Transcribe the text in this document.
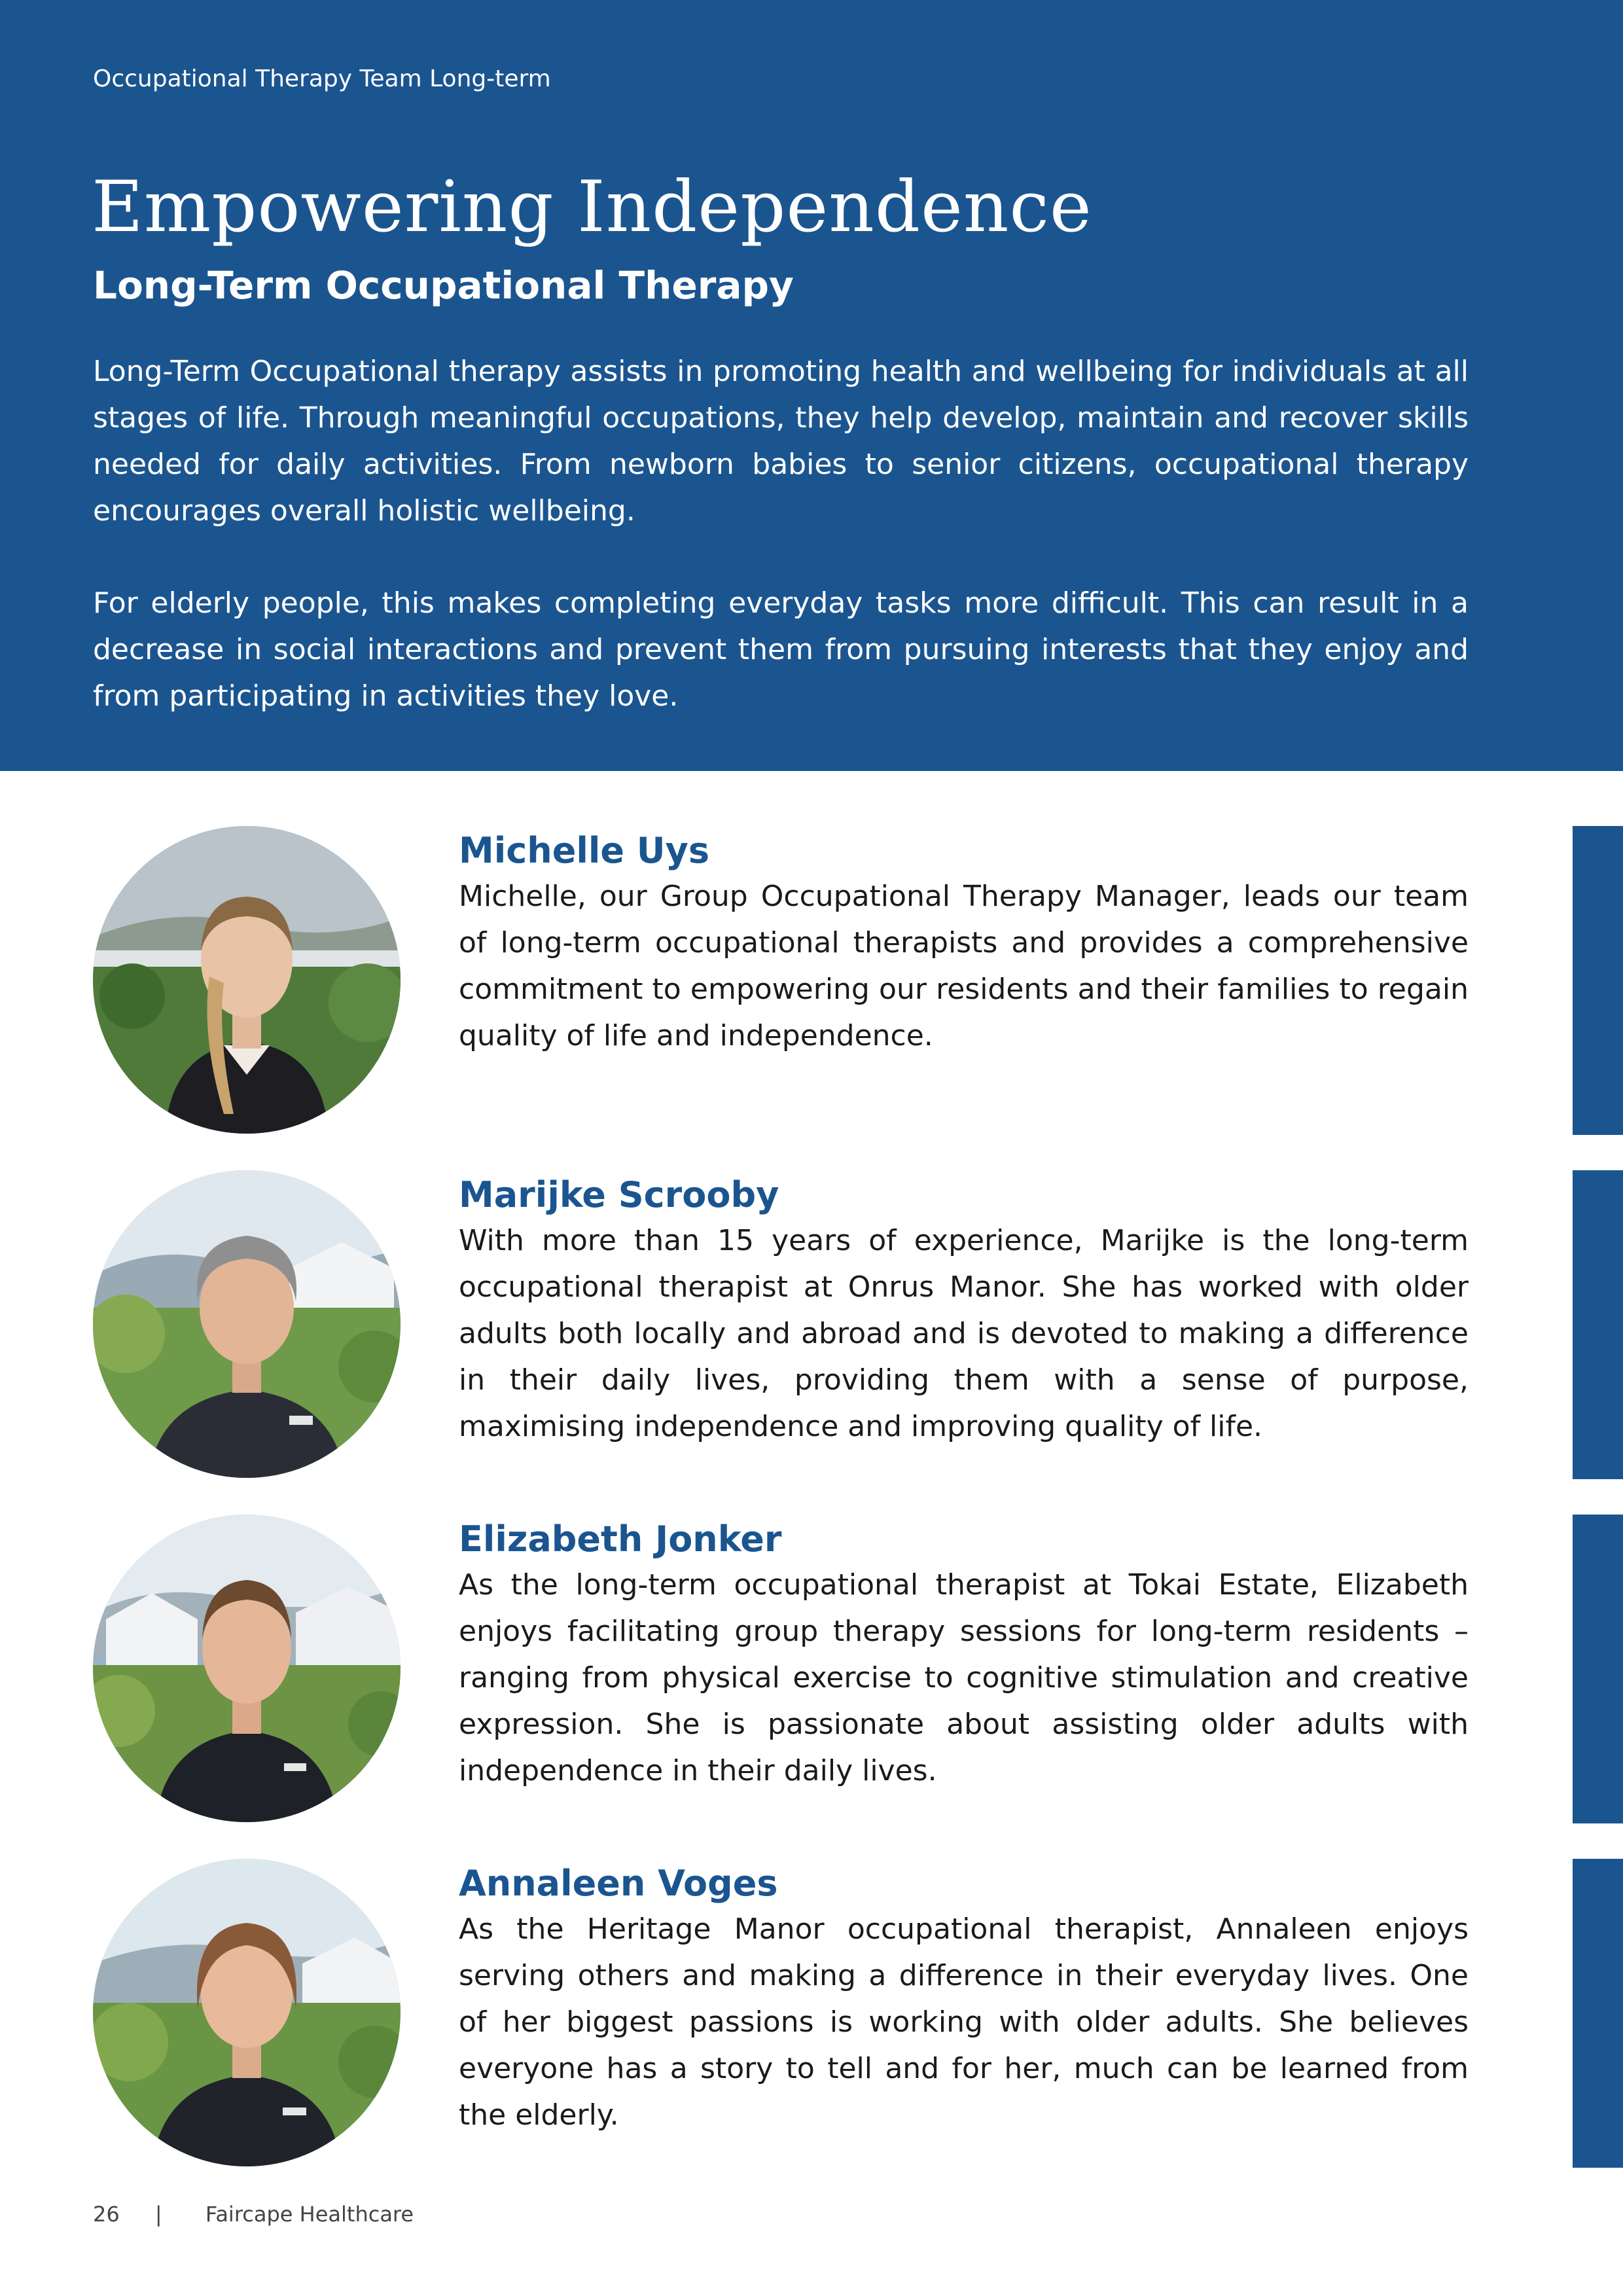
Occupational Therapy Team Long-term
Empowering Independence
Long-Term Occupational Therapy

Long-Term Occupational therapy assists in promoting health and wellbeing for individuals at all stages of life. Through meaningful occupations, they help develop, maintain and recover skills needed for daily activities. From newborn babies to senior citizens, occupational therapy encourages overall holistic wellbeing.

For elderly people, this makes completing everyday tasks more difficult. This can result in a decrease in social interactions and prevent them from pursuing interests that they enjoy and from participating in activities they love.

Michelle Uys

Michelle, our Group Occupational Therapy Manager, leads our team of long-term occupational therapists and provides a comprehensive commitment to empowering our residents and their families to regain quality of life and independence.

Marijke Scrooby

With more than 15 years of experience, Marijke is the long-term occupational therapist at Onrus Manor. She has worked with older adults both locally and abroad and is devoted to making a difference in their daily lives, providing them with a sense of purpose, maximising independence and improving quality of life.

Elizabeth Jonker

As the long-term occupational therapist at Tokai Estate, Elizabeth enjoys facilitating group therapy sessions for long-term residents – ranging from physical exercise to cognitive stimulation and creative expression. She is passionate about assisting older adults with independence in their daily lives.

Annaleen Voges

As the Heritage Manor occupational therapist, Annaleen enjoys serving others and making a difference in their everyday lives. One of her biggest passions is working with older adults. She believes everyone has a story to tell and for her, much can be learned from the elderly.

26 | Faircape Healthcare
